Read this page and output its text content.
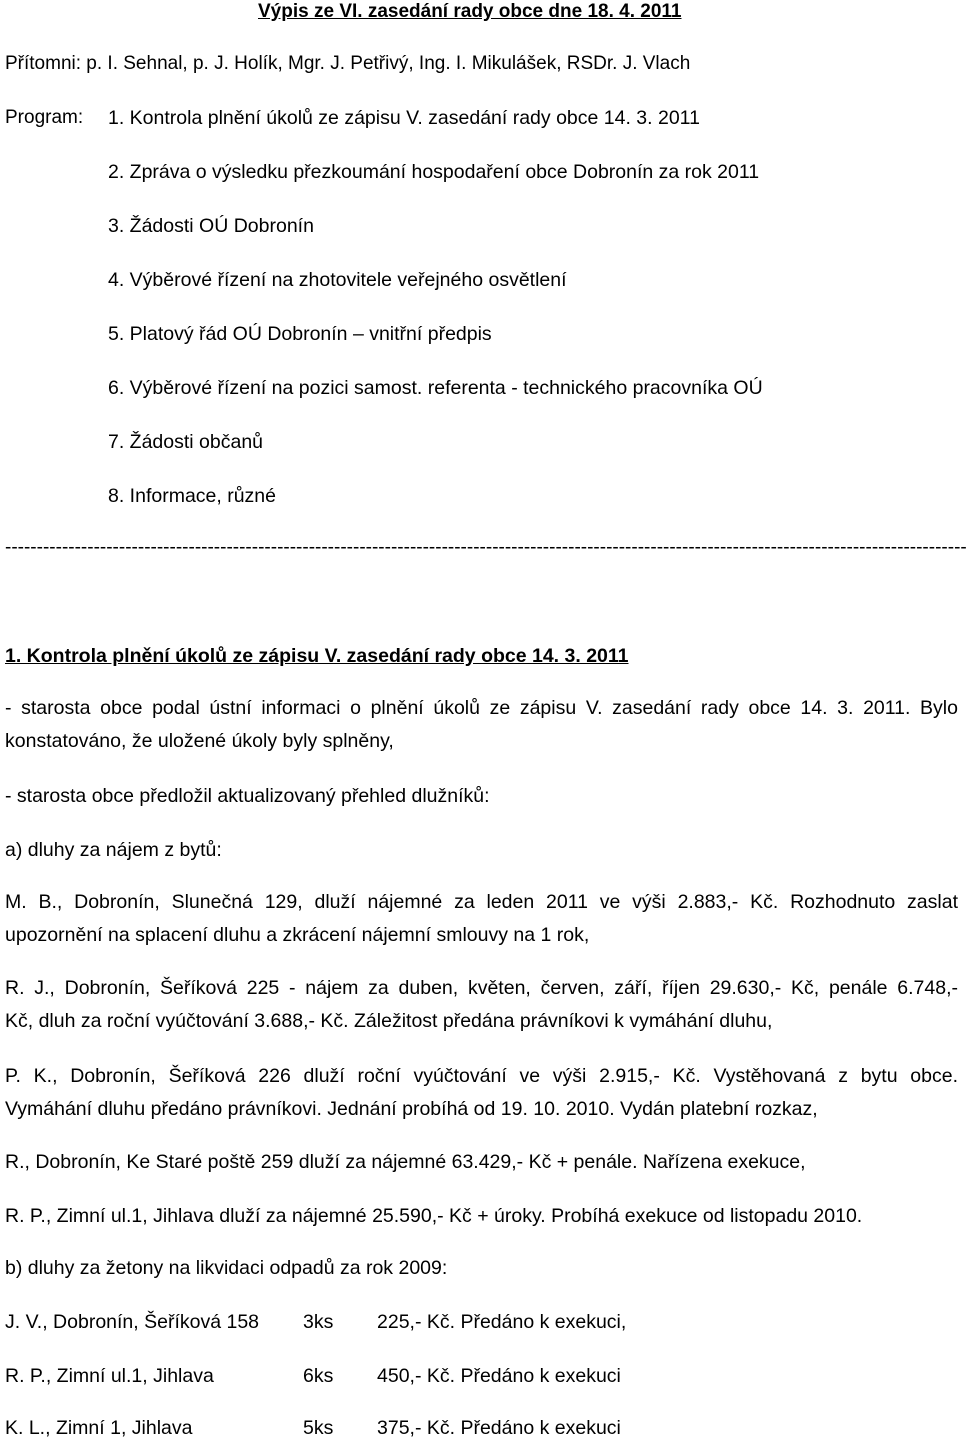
Výpis ze VI. zasedání rady obce dne 18. 4. 2011
Přítomni: p. I. Sehnal, p. J. Holík, Mgr. J. Petřivý, Ing. I. Mikulášek, RSDr. J. Vlach
Program: 1. Kontrola plnění úkolů ze zápisu V. zasedání rady obce 14. 3. 2011
2. Zpráva o výsledku přezkoumání hospodaření obce Dobronín za rok 2011
3. Žádosti OÚ Dobronín
4. Výběrové řízení na zhotovitele veřejného osvětlení
5. Platový řád OÚ Dobronín – vnitřní předpis
6. Výběrové řízení na pozici samost. referenta - technického pracovníka OÚ
7. Žádosti občanů
8. Informace, různé
--------------------------------------------------------------------------------------------------------------------------------------------------------
1. Kontrola plnění úkolů ze zápisu V. zasedání rady obce 14. 3. 2011
- starosta obce podal ústní informaci o plnění úkolů ze zápisu V. zasedání rady obce 14. 3. 2011. Bylo
konstatováno, že uložené úkoly byly splněny,
- starosta obce předložil aktualizovaný přehled dlužníků:
a) dluhy za nájem z bytů:
M. B., Dobronín, Slunečná 129, dluží nájemné za leden 2011 ve výši 2.883,- Kč. Rozhodnuto zaslat
upozornění na splacení dluhu a zkrácení nájemní smlouvy na 1 rok,
R. J., Dobronín, Šeříková 225 - nájem za duben, květen, červen, září, říjen 29.630,- Kč, penále 6.748,-
Kč, dluh za roční vyúčtování 3.688,- Kč. Záležitost předána právníkovi k vymáhání dluhu,
P. K., Dobronín, Šeříková 226 dluží roční vyúčtování ve výši 2.915,- Kč. Vystěhovaná z bytu obce.
Vymáhání dluhu předáno právníkovi. Jednání probíhá od 19. 10. 2010. Vydán platební rozkaz,
R., Dobronín, Ke Staré poště 259 dluží za nájemné 63.429,- Kč + penále. Nařízena exekuce,
R. P., Zimní ul.1, Jihlava dluží za nájemné 25.590,- Kč + úroky. Probíhá exekuce od listopadu 2010.
b) dluhy za žetony na likvidaci odpadů za rok 2009:
J. V., Dobronín, Šeříková 158 3ks 225,- Kč. Předáno k exekuci,
R. P., Zimní ul.1, Jihlava	6ks 450,- Kč. Předáno k exekuci
K. L., Zimní 1, Jihlava	5ks 375,- Kč. Předáno k exekuci
